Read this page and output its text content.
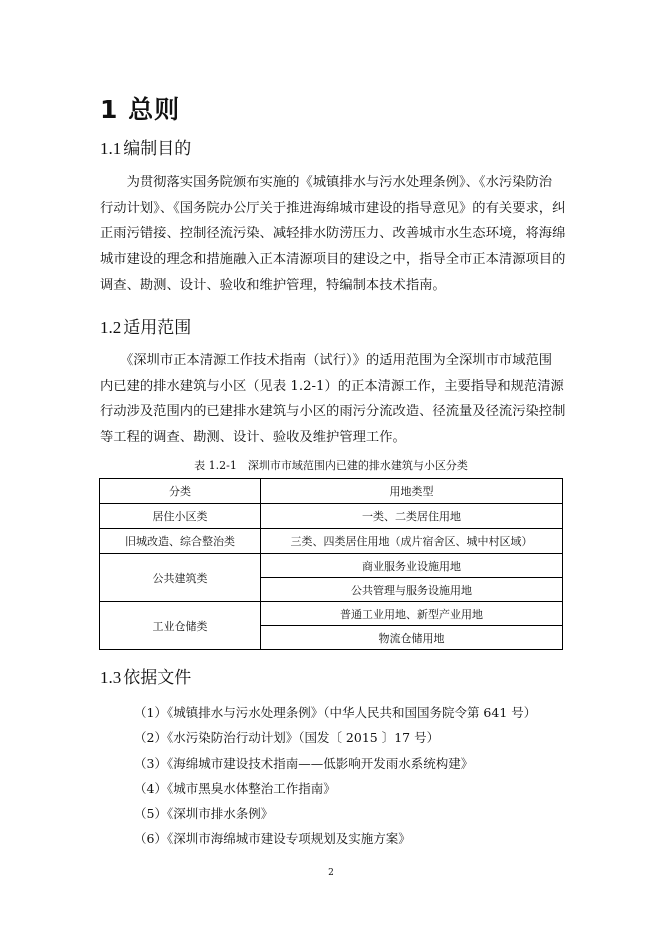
1 总则
1.1 编制目的
　　为贯彻落实国务院颁布实施的《城镇排水与污水处理条例》、《水污染防治
行动计划》、《国务院办公厅关于推进海绵城市建设的指导意见》的有关要求，纠
正雨污错接、控制径流污染、减轻排水防涝压力、改善城市水生态环境，将海绵
城市建设的理念和措施融入正本清源项目的建设之中，指导全市正本清源项目的
调查、勘测、设计、验收和维护管理，特编制本技术指南。
1.2 适用范围
　　《深圳市正本清源工作技术指南（试行）》的适用范围为全深圳市市域范围
内已建的排水建筑与小区（见表 1.2-1）的正本清源工作，主要指导和规范清源
行动涉及范围内的已建排水建筑与小区的雨污分流改造、径流量及径流污染控制
等工程的调查、勘测、设计、验收及维护管理工作。
表 1.2-1　深圳市市域范围内已建的排水建筑与小区分类
分类	用地类型
居住小区类	一类、二类居住用地
旧城改造、综合整治类	三类、四类居住用地（成片宿舍区、城中村区域）
公共建筑类	商业服务业设施用地
	公共管理与服务设施用地
工业仓储类	普通工业用地、新型产业用地
	物流仓储用地
1.3 依据文件
（1）《城镇排水与污水处理条例》（中华人民共和国国务院令第 641 号）
（2）《水污染防治行动计划》（国发〔 2015 〕17 号）
（3）《海绵城市建设技术指南——低影响开发雨水系统构建》
（4）《城市黑臭水体整治工作指南》
（5）《深圳市排水条例》
（6）《深圳市海绵城市建设专项规划及实施方案》
2
